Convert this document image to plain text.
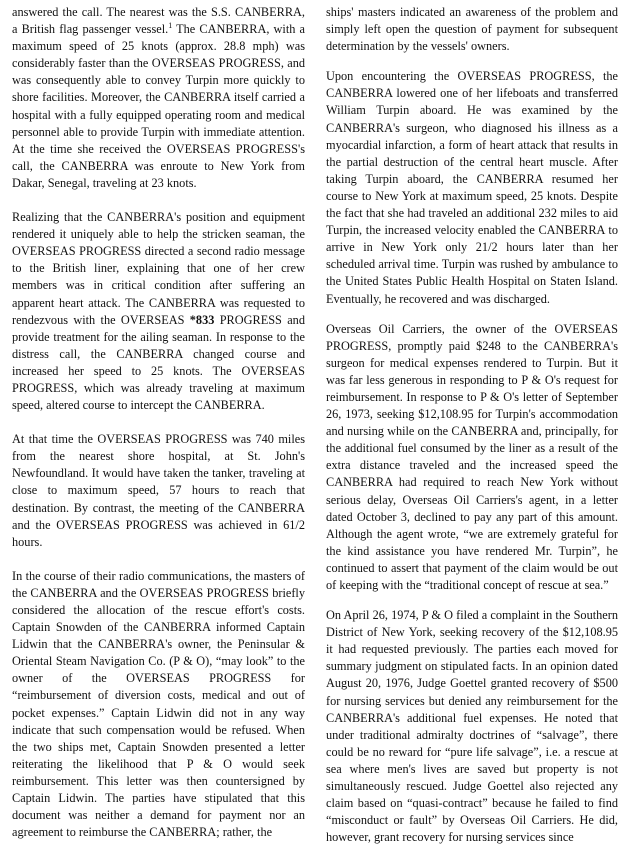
answered the call. The nearest was the S.S. CANBERRA, a British flag passenger vessel.$^1$ The CANBERRA, with a maximum speed of 25 knots (approx. 28.8 mph) was considerably faster than the OVERSEAS PROGRESS, and was consequently able to convey Turpin more quickly to shore facilities. Moreover, the CANBERRA itself carried a hospital with a fully equipped operating room and medical personnel able to provide Turpin with immediate attention. At the time she received the OVERSEAS PROGRESS's call, the CANBERRA was enroute to New York from Dakar, Senegal, traveling at 23 knots.

Realizing that the CANBERRA's position and equipment rendered it uniquely able to help the stricken seaman, the OVERSEAS PROGRESS directed a second radio message to the British liner, explaining that one of her crew members was in critical condition after suffering an apparent heart attack. The CANBERRA was requested to rendezvous with the OVERSEAS *833 PROGRESS and provide treatment for the ailing seaman. In response to the distress call, the CANBERRA changed course and increased her speed to 25 knots. The OVERSEAS PROGRESS, which was already traveling at maximum speed, altered course to intercept the CANBERRA.

At that time the OVERSEAS PROGRESS was 740 miles from the nearest shore hospital, at St. John's Newfoundland. It would have taken the tanker, traveling at close to maximum speed, 57 hours to reach that destination. By contrast, the meeting of the CANBERRA and the OVERSEAS PROGRESS was achieved in 61/2 hours.

In the course of their radio communications, the masters of the CANBERRA and the OVERSEAS PROGRESS briefly considered the allocation of the rescue effort's costs. Captain Snowden of the CANBERRA informed Captain Lidwin that the CANBERRA's owner, the Peninsular & Oriental Steam Navigation Co. (P & O), “may look” to the owner of the OVERSEAS PROGRESS for “reimbursement of diversion costs, medical and out of pocket expenses.” Captain Lidwin did not in any way indicate that such compensation would be refused. When the two ships met, Captain Snowden presented a letter reiterating the likelihood that P & O would seek reimbursement. This letter was then countersigned by Captain Lidwin. The parties have stipulated that this document was neither a demand for payment nor an agreement to reimburse the CANBERRA; rather, the

ships' masters indicated an awareness of the problem and simply left open the question of payment for subsequent determination by the vessels' owners.

Upon encountering the OVERSEAS PROGRESS, the CANBERRA lowered one of her lifeboats and transferred William Turpin aboard. He was examined by the CANBERRA's surgeon, who diagnosed his illness as a myocardial infarction, a form of heart attack that results in the partial destruction of the central heart muscle. After taking Turpin aboard, the CANBERRA resumed her course to New York at maximum speed, 25 knots. Despite the fact that she had traveled an additional 232 miles to aid Turpin, the increased velocity enabled the CANBERRA to arrive in New York only 21/2 hours later than her scheduled arrival time. Turpin was rushed by ambulance to the United States Public Health Hospital on Staten Island. Eventually, he recovered and was discharged.

Overseas Oil Carriers, the owner of the OVERSEAS PROGRESS, promptly paid $248 to the CANBERRA's surgeon for medical expenses rendered to Turpin. But it was far less generous in responding to P & O's request for reimbursement. In response to P & O's letter of September 26, 1973, seeking $12,108.95 for Turpin's accommodation and nursing while on the CANBERRA and, principally, for the additional fuel consumed by the liner as a result of the extra distance traveled and the increased speed the CANBERRA had required to reach New York without serious delay, Overseas Oil Carriers's agent, in a letter dated October 3, declined to pay any part of this amount. Although the agent wrote, “we are extremely grateful for the kind assistance you have rendered Mr. Turpin”, he continued to assert that payment of the claim would be out of keeping with the “traditional concept of rescue at sea.”

On April 26, 1974, P & O filed a complaint in the Southern District of New York, seeking recovery of the $12,108.95 it had requested previously. The parties each moved for summary judgment on stipulated facts. In an opinion dated August 20, 1976, Judge Goettel granted recovery of $500 for nursing services but denied any reimbursement for the CANBERRA's additional fuel expenses. He noted that under traditional admiralty doctrines of “salvage”, there could be no reward for “pure life salvage”, i.e. a rescue at sea where men's lives are saved but property is not simultaneously rescued. Judge Goettel also rejected any claim based on “quasi-contract” because he failed to find “misconduct or fault” by Overseas Oil Carriers. He did, however, grant recovery for nursing services since
